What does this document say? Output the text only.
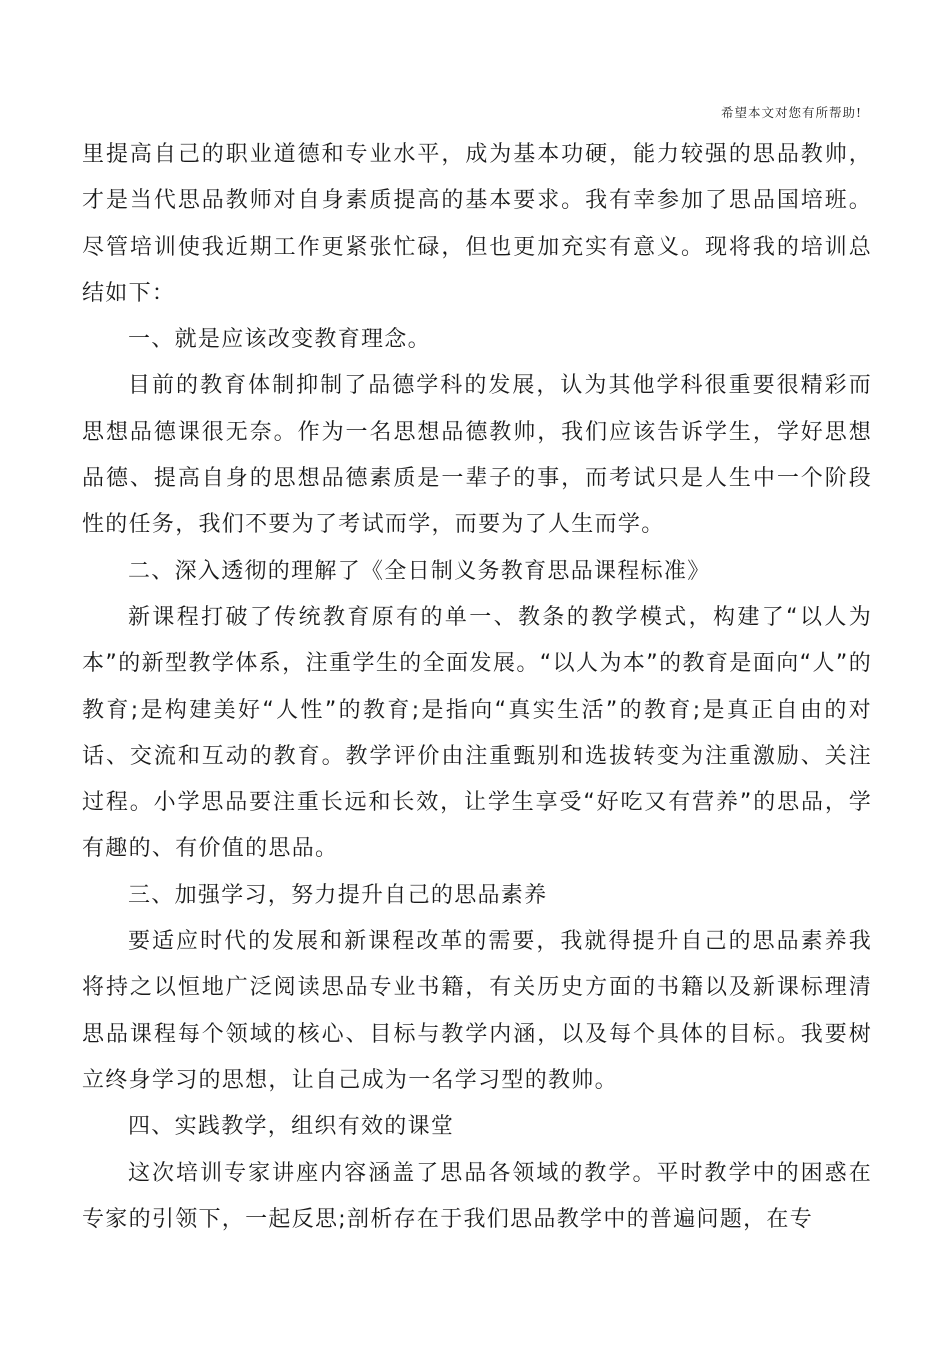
希望本文对您有所帮助!

里提高自己的职业道德和专业水平，成为基本功硬，能力较强的思品教帅，才是当代思品教师对自身素质提高的基本要求。我有幸参加了思品国培班。尽管培训使我近期工作更紧张忙碌，但也更加充实有意义。现将我的培训总结如下：

一、就是应该改变教育理念。

目前的教育体制抑制了品德学科的发展，认为其他学科很重要很精彩而思想品德课很无奈。作为一名思想品德教帅，我们应该告诉学生，学好思想品德、提高自身的思想品德素质是一辈子的事，而考试只是人生中一个阶段性的任务，我们不要为了考试而学，而要为了人生而学。

二、深入透彻的理解了《全日制义务教育思品课程标准》

新课程打破了传统教育原有的单一、教条的教学模式，构建了“以人为本”的新型教学体系，注重学生的全面发展。“以人为本”的教育是面向“人”的教育;是构建美好“人性”的教育;是指向“真实生活”的教育;是真正自由的对话、交流和互动的教育。教学评价由注重甄别和选拔转变为注重激励、关注过程。小学思品要注重长远和长效，让学生享受“好吃又有营养”的思品，学有趣的、有价值的思品。

三、加强学习，努力提升自己的思品素养

要适应时代的发展和新课程改革的需要，我就得提升自己的思品素养我将持之以恒地广泛阅读思品专业书籍，有关历史方面的书籍以及新课标理清思品课程每个领域的核心、目标与教学内涵，以及每个具体的目标。我要树立终身学习的思想，让自己成为一名学习型的教帅。

四、实践教学，组织有效的课堂

这次培训专家讲座内容涵盖了思品各领域的教学。平时教学中的困惑在专家的引领下，一起反思;剖析存在于我们思品教学中的普遍问题，在专
